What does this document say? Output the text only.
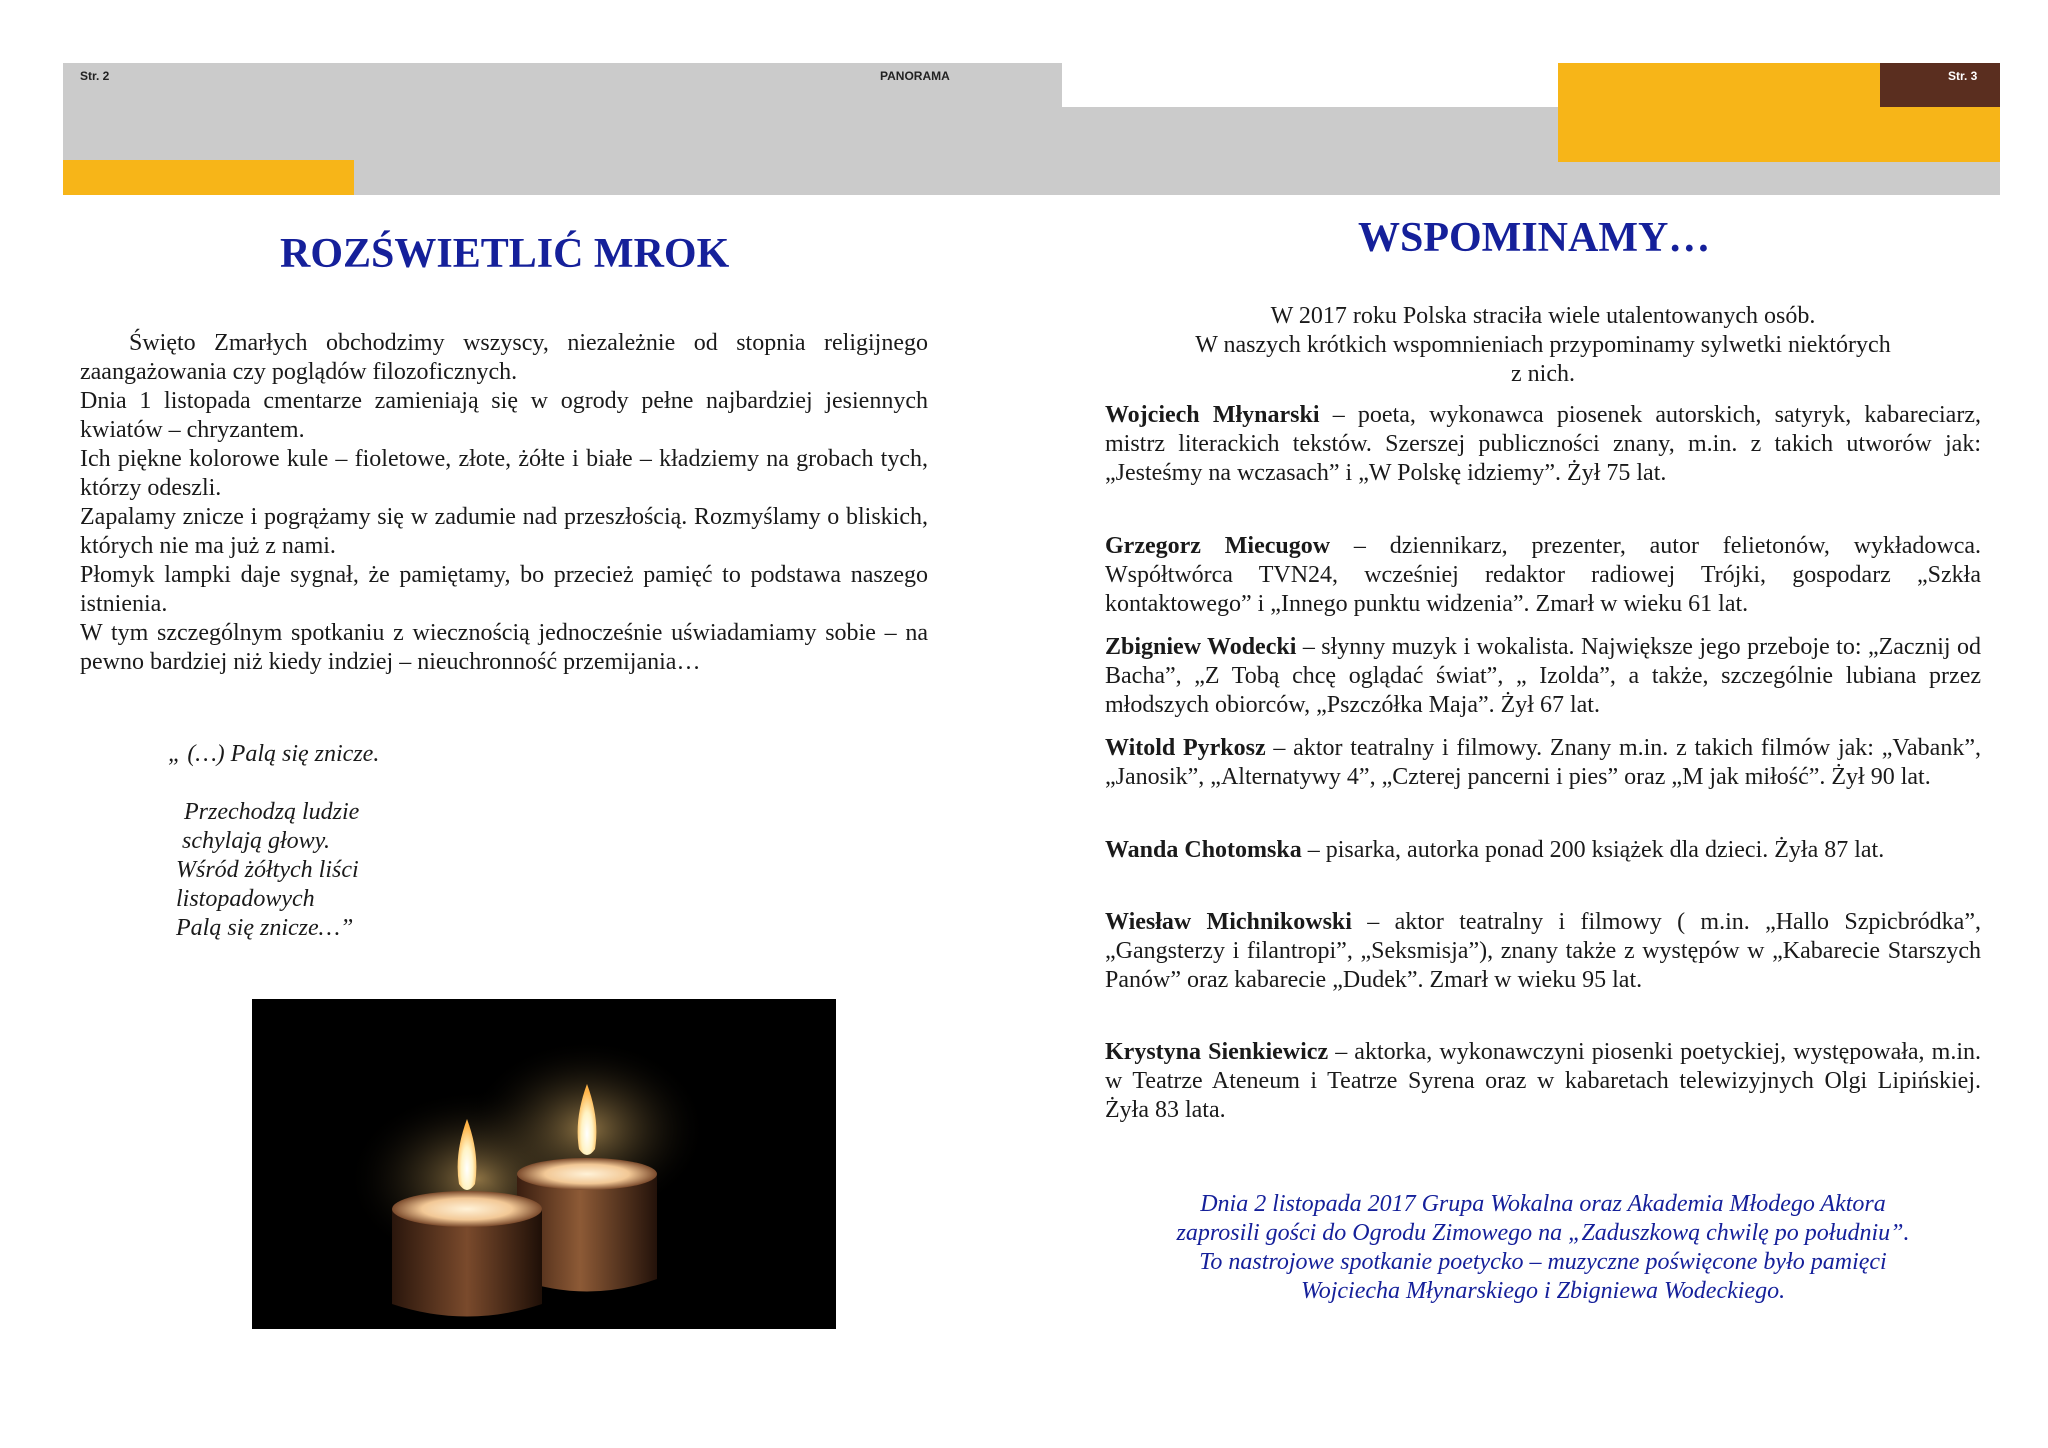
Str. 2	PANORAMA	Str. 3
ROZŚWIETLIĆ MROK

Święto Zmarłych obchodzimy wszyscy, niezależnie od stopnia religijnego zaangażowania czy poglądów filozoficznych.

Dnia 1 listopada cmentarze zamieniają się w ogrody pełne najbardziej jesiennych kwiatów – chryzantem.

Ich piękne kolorowe kule – fioletowe, złote, żółte i białe – kładziemy na grobach tych, którzy odeszli.

Zapalamy znicze i pogrążamy się w zadumie nad przeszłością. Rozmyślamy o bliskich, których nie ma już z nami.

Płomyk lampki daje sygnał, że pamiętamy, bo przecież pamięć to podstawa naszego istnienia.

W tym szczególnym spotkaniu z wiecznością jednocześnie uświadamiamy sobie – na pewno bardziej niż kiedy indziej – nieuchronność przemijania…

„ (…) Palą się znicze.
Przechodzą ludzie
schylają głowy.
Wśród żółtych liści
listopadowych
Palą się znicze…”
WSPOMINAMY…
W 2017 roku Polska straciła wiele utalentowanych osób.
W naszych krótkich wspomnieniach przypominamy sylwetki niektórych
z nich.

Wojciech Młynarski – poeta, wykonawca piosenek autorskich, satyryk, kabareciarz, mistrz literackich tekstów. Szerszej publiczności znany, m.in. z takich utworów jak: „Jesteśmy na wczasach” i „W Polskę idziemy”. Żył 75 lat.

Grzegorz Miecugow – dziennikarz, prezenter, autor felietonów, wykładowca. Współtwórca TVN24, wcześniej redaktor radiowej Trójki, gospodarz „Szkła kontaktowego” i „Innego punktu widzenia”. Zmarł w wieku 61 lat.

Zbigniew Wodecki – słynny muzyk i wokalista. Największe jego przeboje to: „Zacznij od Bacha”, „Z Tobą chcę oglądać świat”, „ Izolda”, a także, szczególnie lubiana przez młodszych obiorców, „Pszczółka Maja”. Żył 67 lat.

Witold Pyrkosz – aktor teatralny i filmowy. Znany m.in. z takich filmów jak: „Vabank”, „Janosik”, „Alternatywy 4”, „Czterej pancerni i pies” oraz „M jak miłość”. Żył 90 lat.

Wanda Chotomska – pisarka, autorka ponad 200 książek dla dzieci. Żyła 87 lat.

Wiesław Michnikowski – aktor teatralny i filmowy ( m.in. „Hallo Szpicbródka”, „Gangsterzy i filantropi”, „Seksmisja”), znany także z występów w „Kabarecie Starszych Panów” oraz kabarecie „Dudek”. Zmarł w wieku 95 lat.

Krystyna Sienkiewicz – aktorka, wykonawczyni piosenki poetyckiej, występowała, m.in. w Teatrze Ateneum i Teatrze Syrena oraz w kabaretach telewizyjnych Olgi Lipińskiej. Żyła 83 lata.

Dnia 2 listopada 2017 Grupa Wokalna oraz Akademia Młodego Aktora
zaprosili gości do Ogrodu Zimowego na „Zaduszkową chwilę po południu”.
To nastrojowe spotkanie poetycko – muzyczne poświęcone było pamięci
Wojciecha Młynarskiego i Zbigniewa Wodeckiego.
